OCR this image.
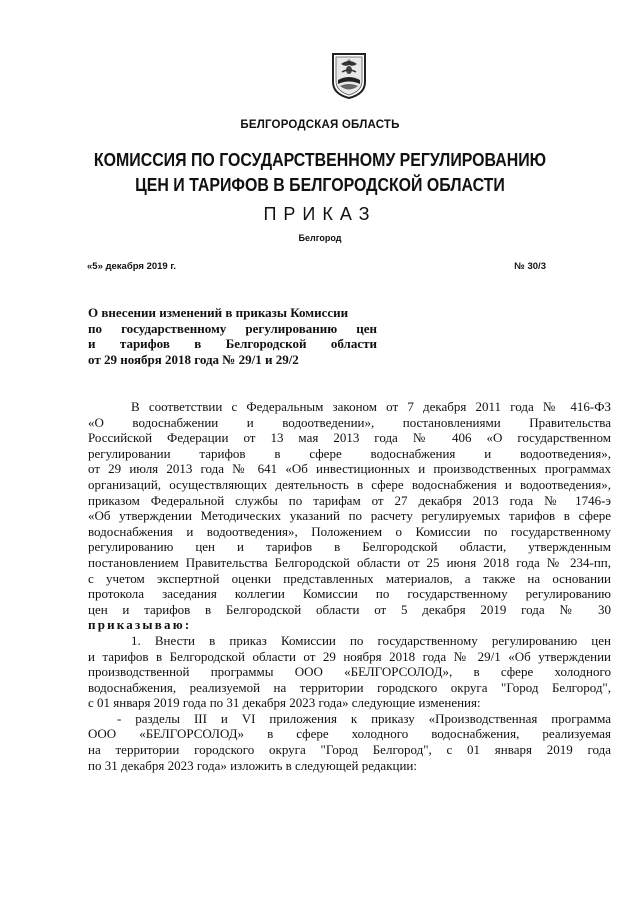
♛
БЕЛГОРОДСКАЯ ОБЛАСТЬ
КОМИССИЯ ПО ГОСУДАРСТВЕННОМУ РЕГУЛИРОВАНИЮ
ЦЕН И ТАРИФОВ В БЕЛГОРОДСКОЙ ОБЛАСТИ
ПРИКАЗ
Белгород
«5» декабря 2019 г.	№ 30/3
О внесении изменений в приказы Комиссии
по государственному регулированию цен
и тарифов в Белгородской области
от 29 ноября 2018 года № 29/1 и 29/2
В соответствии с Федеральным законом от 7 декабря 2011 года № 416-ФЗ
«О водоснабжении и водоотведении», постановлениями Правительства
Российской Федерации от 13 мая 2013 года № 406 «О государственном
регулировании тарифов в сфере водоснабжения и водоотведения»,
от 29 июля 2013 года № 641 «Об инвестиционных и производственных программах
организаций, осуществляющих деятельность в сфере водоснабжения и водоотведения»,
приказом Федеральной службы по тарифам от 27 декабря 2013 года № 1746-э
«Об утверждении Методических указаний по расчету регулируемых тарифов в сфере
водоснабжения и водоотведения», Положением о Комиссии по государственному
регулированию цен и тарифов в Белгородской области, утвержденным
постановлением Правительства Белгородской области от 25 июня 2018 года № 234-пп,
с учетом экспертной оценки представленных материалов, а также на основании
протокола заседания коллегии Комиссии по государственному регулированию
цен и тарифов в Белгородской области от 5 декабря 2019 года № 30
приказываю:
1. Внести в приказ Комиссии по государственному регулированию цен
и тарифов в Белгородской области от 29 ноября 2018 года № 29/1 «Об утверждении
производственной программы ООО «БЕЛГОРСОЛОД», в сфере холодного
водоснабжения, реализуемой на территории городского округа "Город Белгород",
с 01 января 2019 года по 31 декабря 2023 года» следующие изменения:
- разделы III и VI приложения к приказу «Производственная программа
ООО «БЕЛГОРСОЛОД» в сфере холодного водоснабжения, реализуемая
на территории городского округа "Город Белгород", с 01 января 2019 года
по 31 декабря 2023 года» изложить в следующей редакции:
